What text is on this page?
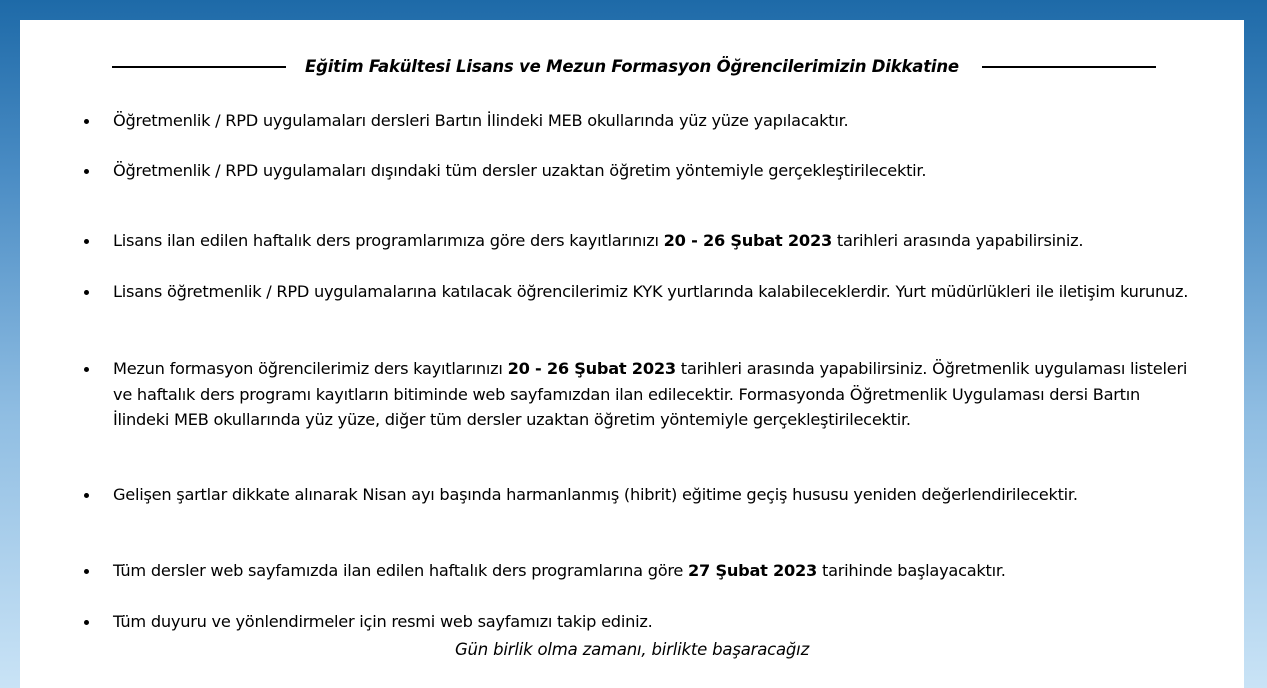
Eğitim Fakültesi Lisans ve Mezun Formasyon Öğrencilerimizin Dikkatine
Öğretmenlik / RPD uygulamaları dersleri Bartın İlindeki MEB okullarında yüz yüze yapılacaktır.
Öğretmenlik / RPD uygulamaları dışındaki tüm dersler uzaktan öğretim yöntemiyle gerçekleştirilecektir.
Lisans ilan edilen haftalık ders programlarımıza göre ders kayıtlarınızı 20 - 26 Şubat 2023 tarihleri arasında yapabilirsiniz.
Lisans öğretmenlik / RPD uygulamalarına katılacak öğrencilerimiz KYK yurtlarında kalabileceklerdir. Yurt müdürlükleri ile iletişim kurunuz.
Mezun formasyon öğrencilerimiz ders kayıtlarınızı 20 - 26 Şubat 2023 tarihleri arasında yapabilirsiniz. Öğretmenlik uygulaması listeleri ve haftalık ders programı kayıtların bitiminde web sayfamızdan ilan edilecektir. Formasyonda Öğretmenlik Uygulaması dersi Bartın İlindeki MEB okullarında yüz yüze, diğer tüm dersler uzaktan öğretim yöntemiyle gerçekleştirilecektir.
Gelişen şartlar dikkate alınarak Nisan ayı başında harmanlanmış (hibrit) eğitime geçiş hususu yeniden değerlendirilecektir.
Tüm dersler web sayfamızda ilan edilen haftalık ders programlarına göre 27 Şubat 2023 tarihinde başlayacaktır.
Tüm duyuru ve yönlendirmeler için resmi web sayfamızı takip ediniz.
Gün birlik olma zamanı, birlikte başaracağız
